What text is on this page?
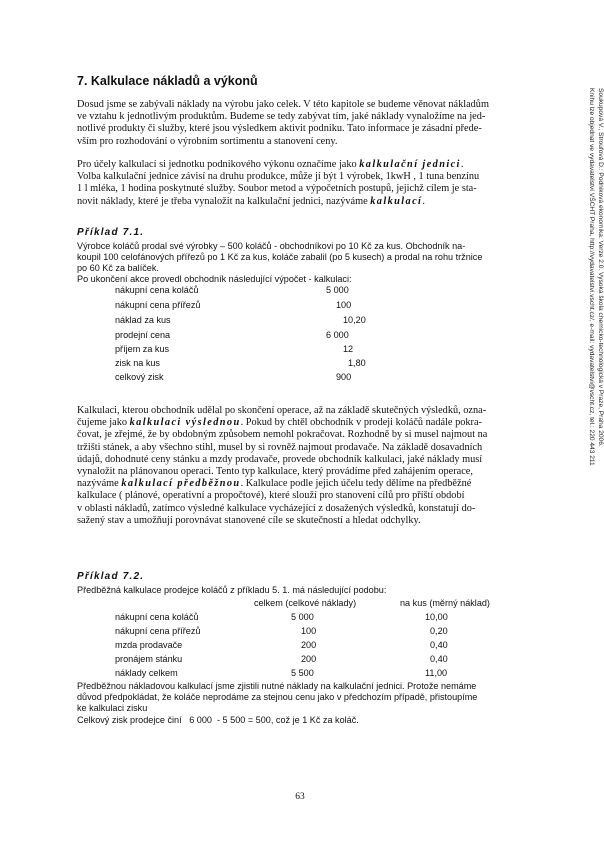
7. Kalkulace nákladů a výkonů
Dosud jsme se zabývali náklady na výrobu jako celek. V této kapitole se budeme věnovat nákladům
ve vztahu k jednotlivým produktům. Budeme se tedy zabývat tím, jaké náklady vynaložíme na jed-
notlivé produkty či služby, které jsou výsledkem aktivit podniku. Tato informace je zásadní přede-
vším pro rozhodování o výrobním sortimentu a stanovení ceny.
Pro účely kalkulací si jednotku podnikového výkonu označíme jako kalkulační jednici.
Volba kalkulační jednice závisí na druhu produkce, může jí být 1 výrobek, 1kwH , 1 tuna benzínu
1 l mléka, 1 hodina poskytnuté služby. Soubor metod a výpočetních postupů, jejichž cílem je sta-
novit náklady, které je třeba vynaložit na kalkulační jednici, nazýváme kalkulací.
Příklad 7.1.
Výrobce koláčů prodal své výrobky – 500 koláčů - obchodníkovi po 10 Kč za kus. Obchodník na-
koupil 100 celofánových přířezů po 1 Kč za kus, koláče zabalil (po 5 kusech) a prodal na rohu tržnice
po 60 Kč za balíček.
Po ukončení akce provedl obchodník následující výpočet - kalkulaci:
nákupní cena koláčů	5 000
nákupní cena přířezů	100
náklad za kus	10,20
prodejní cena	6 000
příjem za kus	12
zisk na kus	1,80
celkový zisk	900
Kalkulaci, kterou obchodník udělal po skončení operace, až na základě skutečných výsledků, ozna-
čujeme jako kalkulaci výslednou. Pokud by chtěl obchodník v prodeji koláčů nadále pokra-
čovat, je zřejmé, že by obdobným způsobem nemohl pokračovat. Rozhodně by si musel najmout na
tržišti stánek, a aby všechno stihl, musel by si rovněž najmout prodavače. Na základě dosavadních
údajů, dohodnuté ceny stánku a mzdy prodavače, provede obchodník kalkulaci, jaké náklady musí
vynaložit na plánovanou operaci. Tento typ kalkulace, který provádíme před zahájením operace,
nazýváme kalkulací předběžnou. Kalkulace podle jejich účelu tedy dělíme na předběžné
kalkulace ( plánové, operativní a propočtové), které slouží pro stanovení cílů pro příští období
v oblasti nákladů, zatímco výsledné kalkulace vycházející z dosažených výsledků, konstatují do-
sažený stav a umožňují porovnávat stanovené cíle se skutečností a hledat odchylky.
Příklad 7.2.
Předběžná kalkulace prodejce koláčů z příkladu 5. 1. má následující podobu:
celkem (celkové náklady)	na kus (měrný náklad)
nákupní cena koláčů	5 000	10,00
nákupní cena přířezů	100	0,20
mzda prodavače	200	0,40
pronájem stánku	200	0,40
náklady celkem	5 500	11,00
Předběžnou nákladovou kalkulací jsme zjistili nutné náklady na kalkulační jednici. Protože nemáme
důvod předpokládat, že koláče neprodáme za stejnou cenu jako v předchozím případě, přistoupíme
ke kalkulaci zisku
Celkový zisk prodejce činí   6 000  - 5 500 = 500, což je 1 Kč za koláč.
Soukupová V., Stroufová D.: Podniková ekonomika. Verze 2.0. Vysoká škola chemicko-technologická v Praze, Praha 2006.
Knihu lze objednat ve vydavatelství VŠCHT Praha, http://vydavatelstvi.vscht.cz/, e-mail: vydavatelstvi@vscht.cz, tel.: 220 443 211
63
